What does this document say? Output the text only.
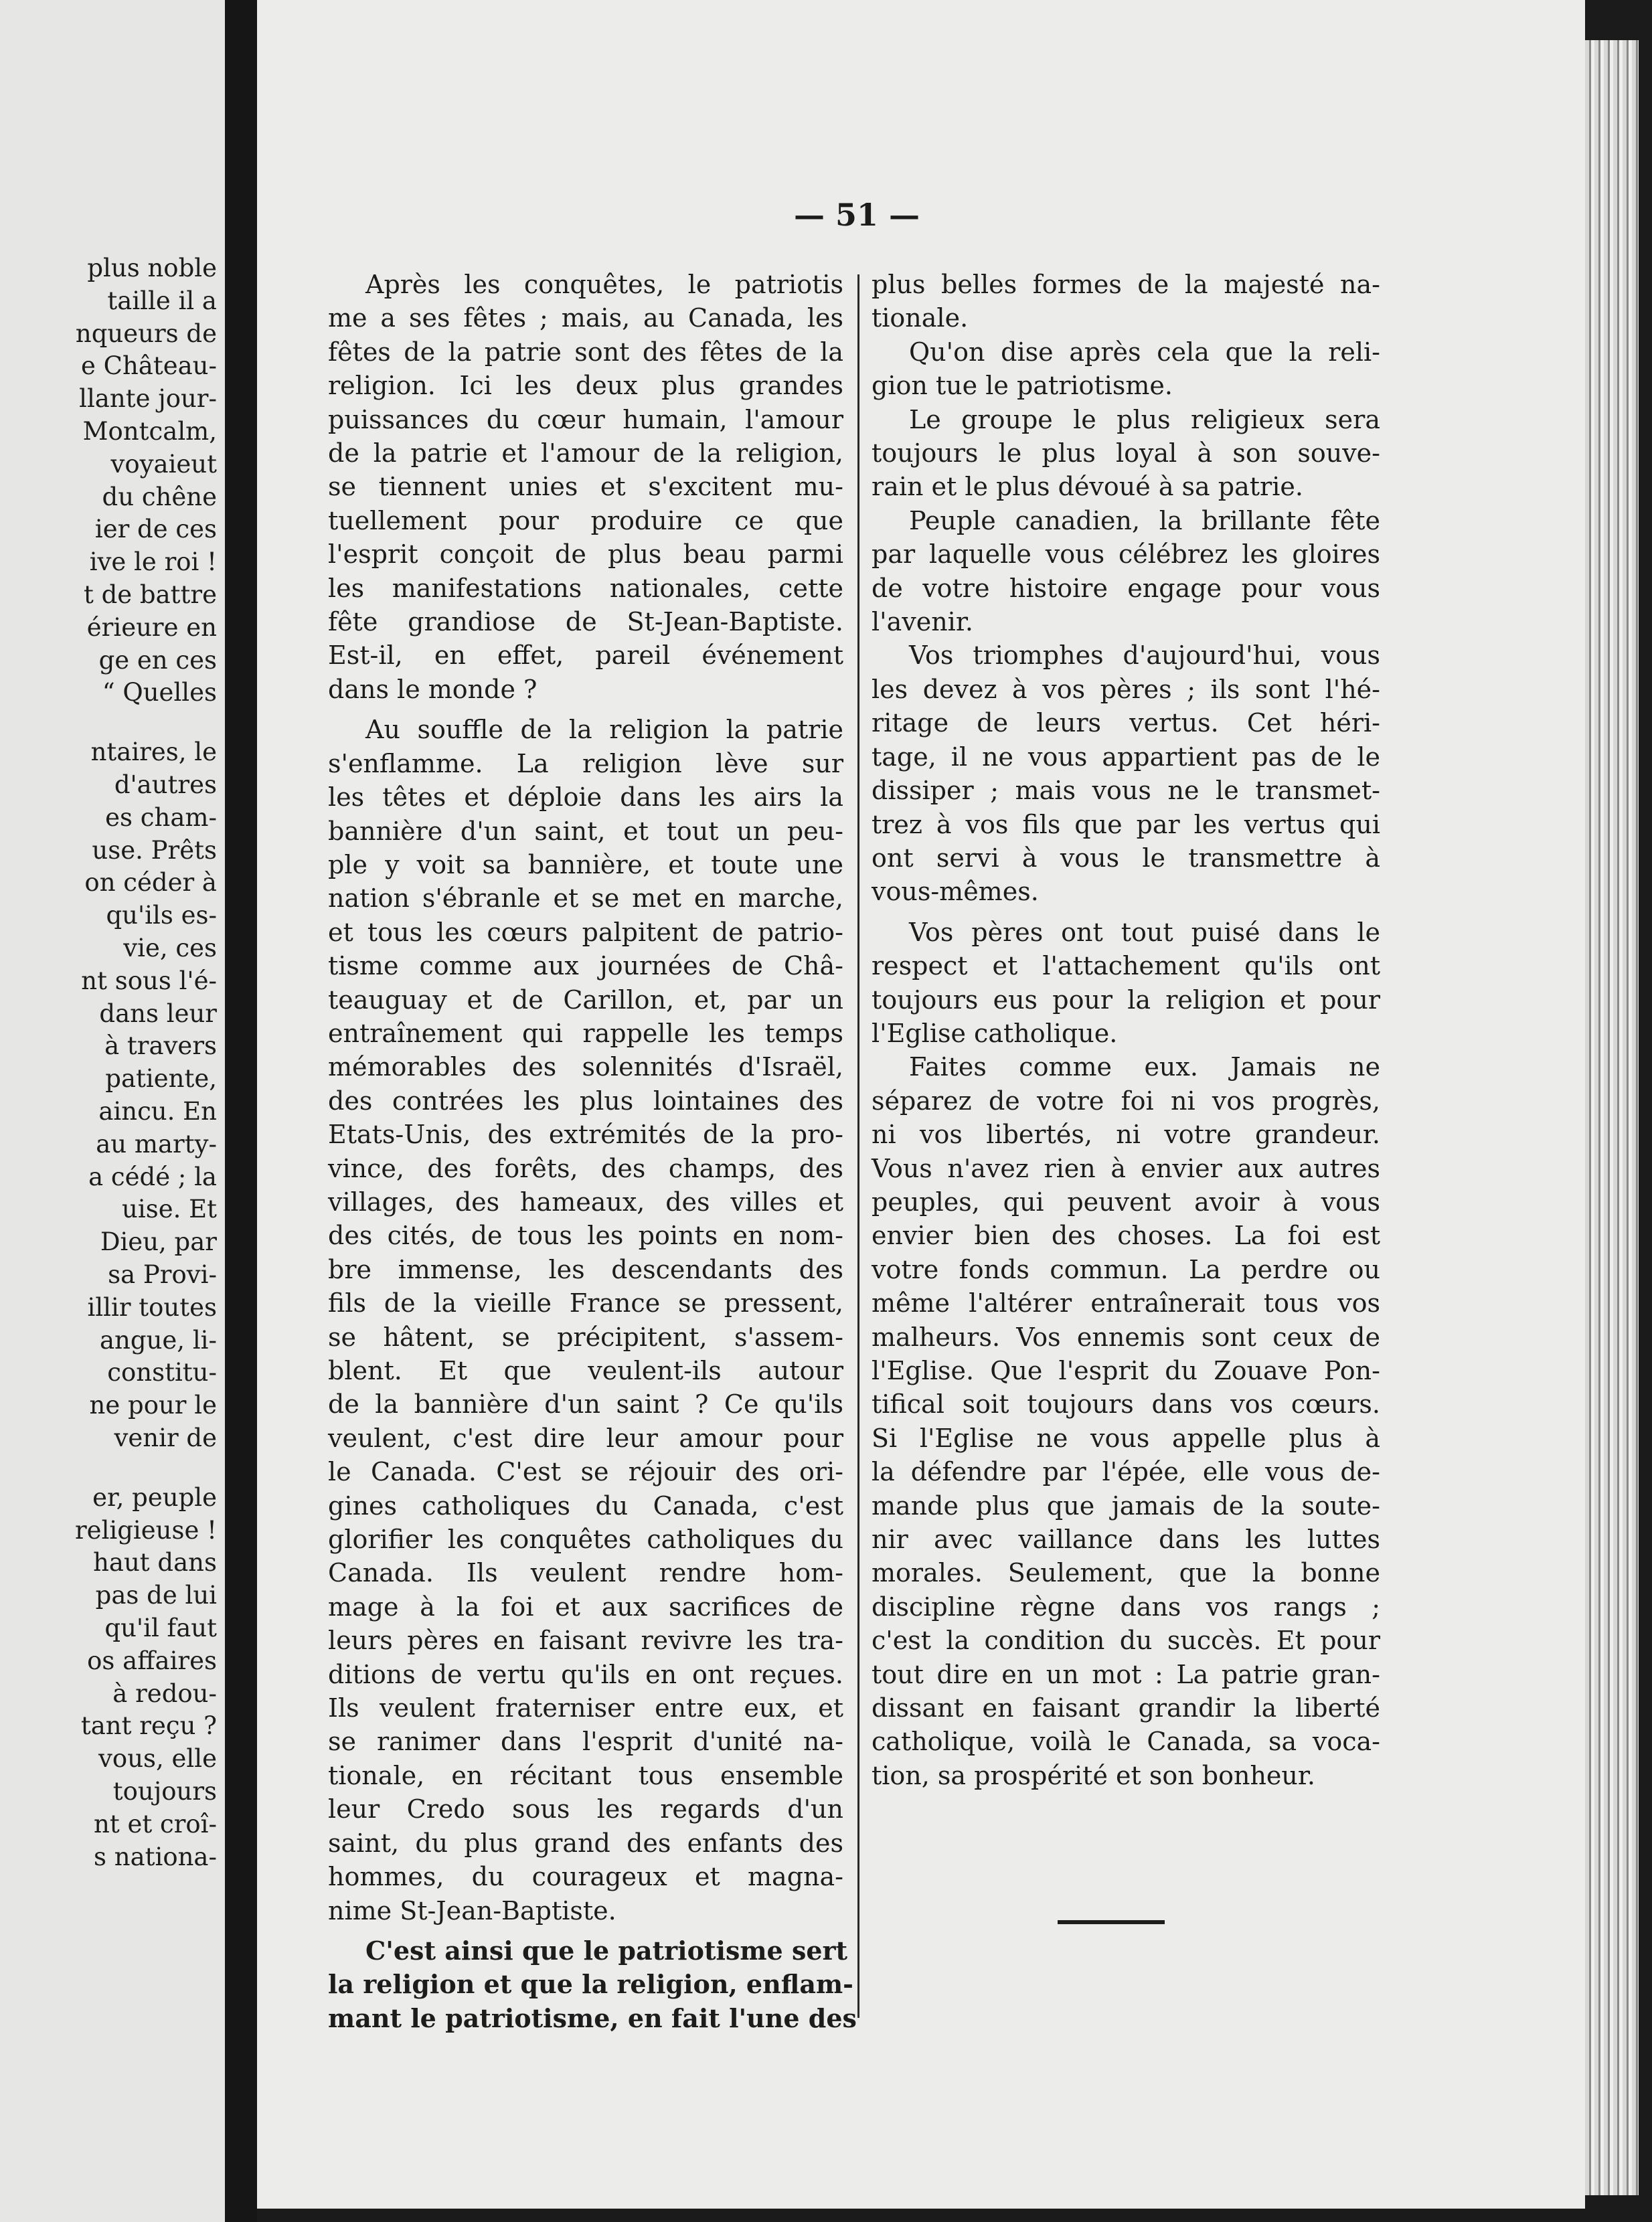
plus noble
taille il a
nqueurs de
e Château-
llante jour-
Montcalm,
voyaieut
du chêne
ier de ces
ive le roi !
t de battre
érieure en
ge en ces
“ Quelles
ntaires, le
d'autres
es cham-
use. Prêts
on céder à
qu'ils es-
vie, ces
nt sous l'é-
dans leur
à travers
patiente,
aincu. En
au marty-
a cédé ; la
uise. Et
Dieu, par
sa Provi-
illir toutes
angue, li-
constitu-
ne pour le
venir de
er, peuple
religieuse !
haut dans
pas de lui
qu'il faut
os affaires
à redou-
tant reçu ?
vous, elle
toujours
nt et croî-
s nationa-
— 51 —
Après les conquêtes, le patriotis
me a ses fêtes ; mais, au Canada, les
fêtes de la patrie sont des fêtes de la
religion. Ici les deux plus grandes
puissances du cœur humain, l'amour
de la patrie et l'amour de la religion,
se tiennent unies et s'excitent mu-
tuellement pour produire ce que
l'esprit conçoit de plus beau parmi
les manifestations nationales, cette
fête grandiose de St-Jean-Baptiste.
Est-il, en effet, pareil événement
dans le monde ?
Au souffle de la religion la patrie
s'enflamme. La religion lève sur
les têtes et déploie dans les airs la
bannière d'un saint, et tout un peu-
ple y voit sa bannière, et toute une
nation s'ébranle et se met en marche,
et tous les cœurs palpitent de patrio-
tisme comme aux journées de Châ-
teauguay et de Carillon, et, par un
entraînement qui rappelle les temps
mémorables des solennités d'Israël,
des contrées les plus lointaines des
Etats-Unis, des extrémités de la pro-
vince, des forêts, des champs, des
villages, des hameaux, des villes et
des cités, de tous les points en nom-
bre immense, les descendants des
fils de la vieille France se pressent,
se hâtent, se précipitent, s'assem-
blent. Et que veulent-ils autour
de la bannière d'un saint ? Ce qu'ils
veulent, c'est dire leur amour pour
le Canada. C'est se réjouir des ori-
gines catholiques du Canada, c'est
glorifier les conquêtes catholiques du
Canada. Ils veulent rendre hom-
mage à la foi et aux sacrifices de
leurs pères en faisant revivre les tra-
ditions de vertu qu'ils en ont reçues.
Ils veulent fraterniser entre eux, et
se ranimer dans l'esprit d'unité na-
tionale, en récitant tous ensemble
leur Credo sous les regards d'un
saint, du plus grand des enfants des
hommes, du courageux et magna-
nime St-Jean-Baptiste.
C'est ainsi que le patriotisme sert
la religion et que la religion, enflam-
mant le patriotisme, en fait l'une des
plus belles formes de la majesté na-
tionale.
Qu'on dise après cela que la reli-
gion tue le patriotisme.
Le groupe le plus religieux sera
toujours le plus loyal à son souve-
rain et le plus dévoué à sa patrie.
Peuple canadien, la brillante fête
par laquelle vous célébrez les gloires
de votre histoire engage pour vous
l'avenir.
Vos triomphes d'aujourd'hui, vous
les devez à vos pères ; ils sont l'hé-
ritage de leurs vertus. Cet héri-
tage, il ne vous appartient pas de le
dissiper ; mais vous ne le transmet-
trez à vos fils que par les vertus qui
ont servi à vous le transmettre à
vous-mêmes.
Vos pères ont tout puisé dans le
respect et l'attachement qu'ils ont
toujours eus pour la religion et pour
l'Eglise catholique.
Faites comme eux. Jamais ne
séparez de votre foi ni vos progrès,
ni vos libertés, ni votre grandeur.
Vous n'avez rien à envier aux autres
peuples, qui peuvent avoir à vous
envier bien des choses. La foi est
votre fonds commun. La perdre ou
même l'altérer entraînerait tous vos
malheurs. Vos ennemis sont ceux de
l'Eglise. Que l'esprit du Zouave Pon-
tifical soit toujours dans vos cœurs.
Si l'Eglise ne vous appelle plus à
la défendre par l'épée, elle vous de-
mande plus que jamais de la soute-
nir avec vaillance dans les luttes
morales. Seulement, que la bonne
discipline règne dans vos rangs ;
c'est la condition du succès. Et pour
tout dire en un mot : La patrie gran-
dissant en faisant grandir la liberté
catholique, voilà le Canada, sa voca-
tion, sa prospérité et son bonheur.
